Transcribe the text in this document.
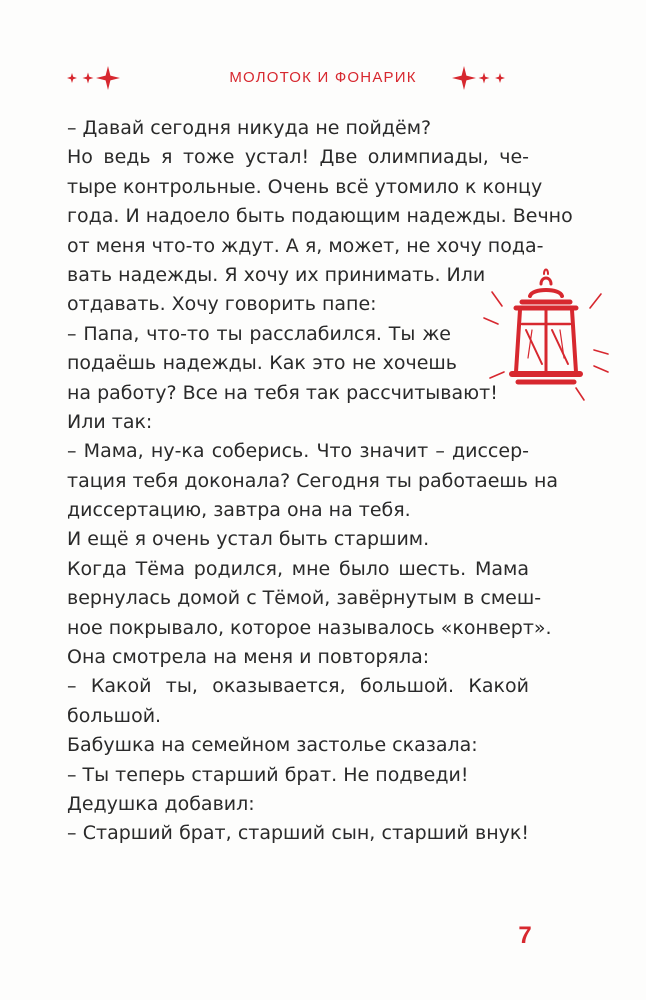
МОЛОТОК И ФОНАРИК
– Давай сегодня никуда не пойдём?
Но ведь я тоже устал! Две олимпиады, че-
тыре контрольные. Очень всё утомило к концу
года. И надоело быть подающим надежды. Вечно
от меня что-то ждут. А я, может, не хочу пода-
вать надежды. Я хочу их принимать. Или
отдавать. Хочу говорить папе:
– Папа, что-то ты расслабился. Ты же
подаёшь надежды. Как это не хочешь
на работу? Все на тебя так рассчитывают!
Или так:
– Мама, ну-ка соберись. Что значит – диссер-
тация тебя доконала? Сегодня ты работаешь на
диссертацию, завтра она на тебя.
И ещё я очень устал быть старшим.
Когда Тёма родился, мне было шесть. Мама
вернулась домой с Тёмой, завёрнутым в смеш-
ное покрывало, которое называлось «конверт».
Она смотрела на меня и повторяла:
– Какой ты, оказывается, большой. Какой
большой.
Бабушка на семейном застолье сказала:
– Ты теперь старший брат. Не подведи!
Дедушка добавил:
– Старший брат, старший сын, старший внук!
7
